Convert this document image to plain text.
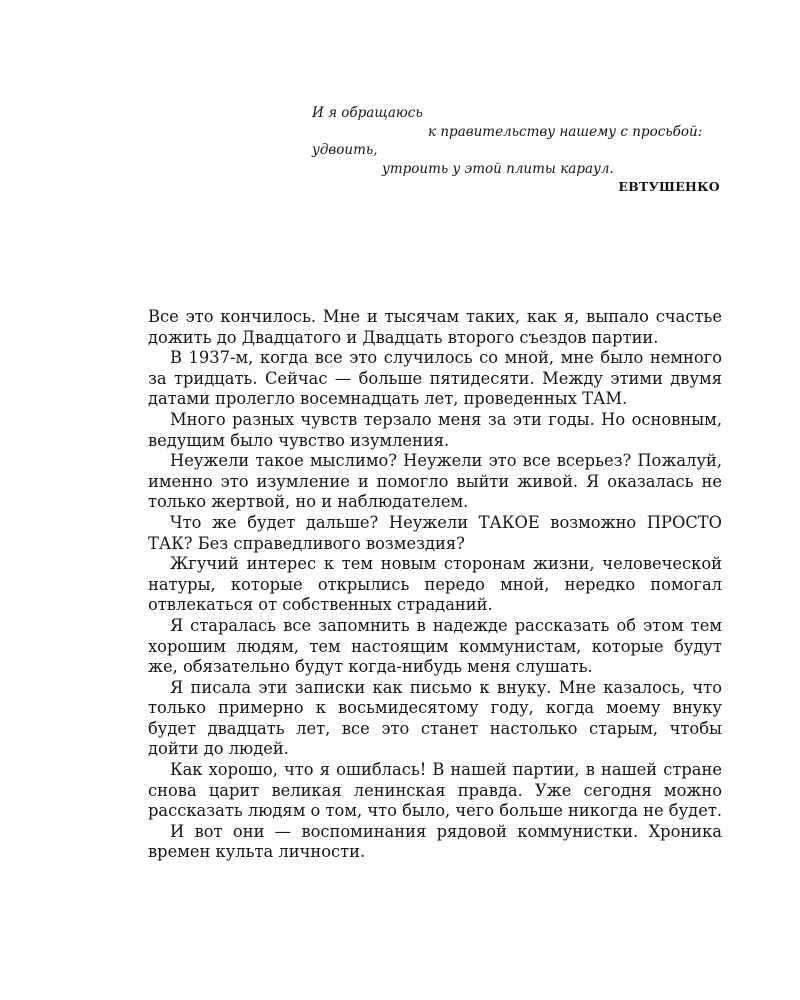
И я обращаюсь
к правительству нашему с просьбой:
удвоить,
утроить у этой плиты караул.
ЕВТУШЕНКО

Все это кончилось. Мне и тысячам таких, как я, выпало счастье дожить до Двадцатого и Двадцать второго съездов партии.

В 1937-м, когда все это случилось со мной, мне было немного за тридцать. Сейчас — больше пятидесяти. Между этими двумя датами пролегло восемнадцать лет, проведенных ТАМ.

Много разных чувств терзало меня за эти годы. Но основным, ведущим было чувство изумления.

Неужели такое мыслимо? Неужели это все всерьез? Пожалуй, именно это изумление и помогло выйти живой. Я оказалась не только жертвой, но и наблюдателем.

Что же будет дальше? Неужели ТАКОЕ возможно ПРОСТО ТАК? Без справедливого возмездия?

Жгучий интерес к тем новым сторонам жизни, человеческой натуры, которые открылись передо мной, нередко помогал отвлекаться от собственных страданий.

Я старалась все запомнить в надежде рассказать об этом тем хорошим людям, тем настоящим коммунистам, которые будут же, обязательно будут когда-нибудь меня слушать.

Я писала эти записки как письмо к внуку. Мне казалось, что только примерно к восьмидесятому году, когда моему внуку будет двадцать лет, все это станет настолько старым, чтобы дойти до людей.

Как хорошо, что я ошиблась! В нашей партии, в нашей стране снова царит великая ленинская правда. Уже сегодня можно рассказать людям о том, что было, чего больше никогда не будет.

И вот они — воспоминания рядовой коммунистки. Хроника времен культа личности.
